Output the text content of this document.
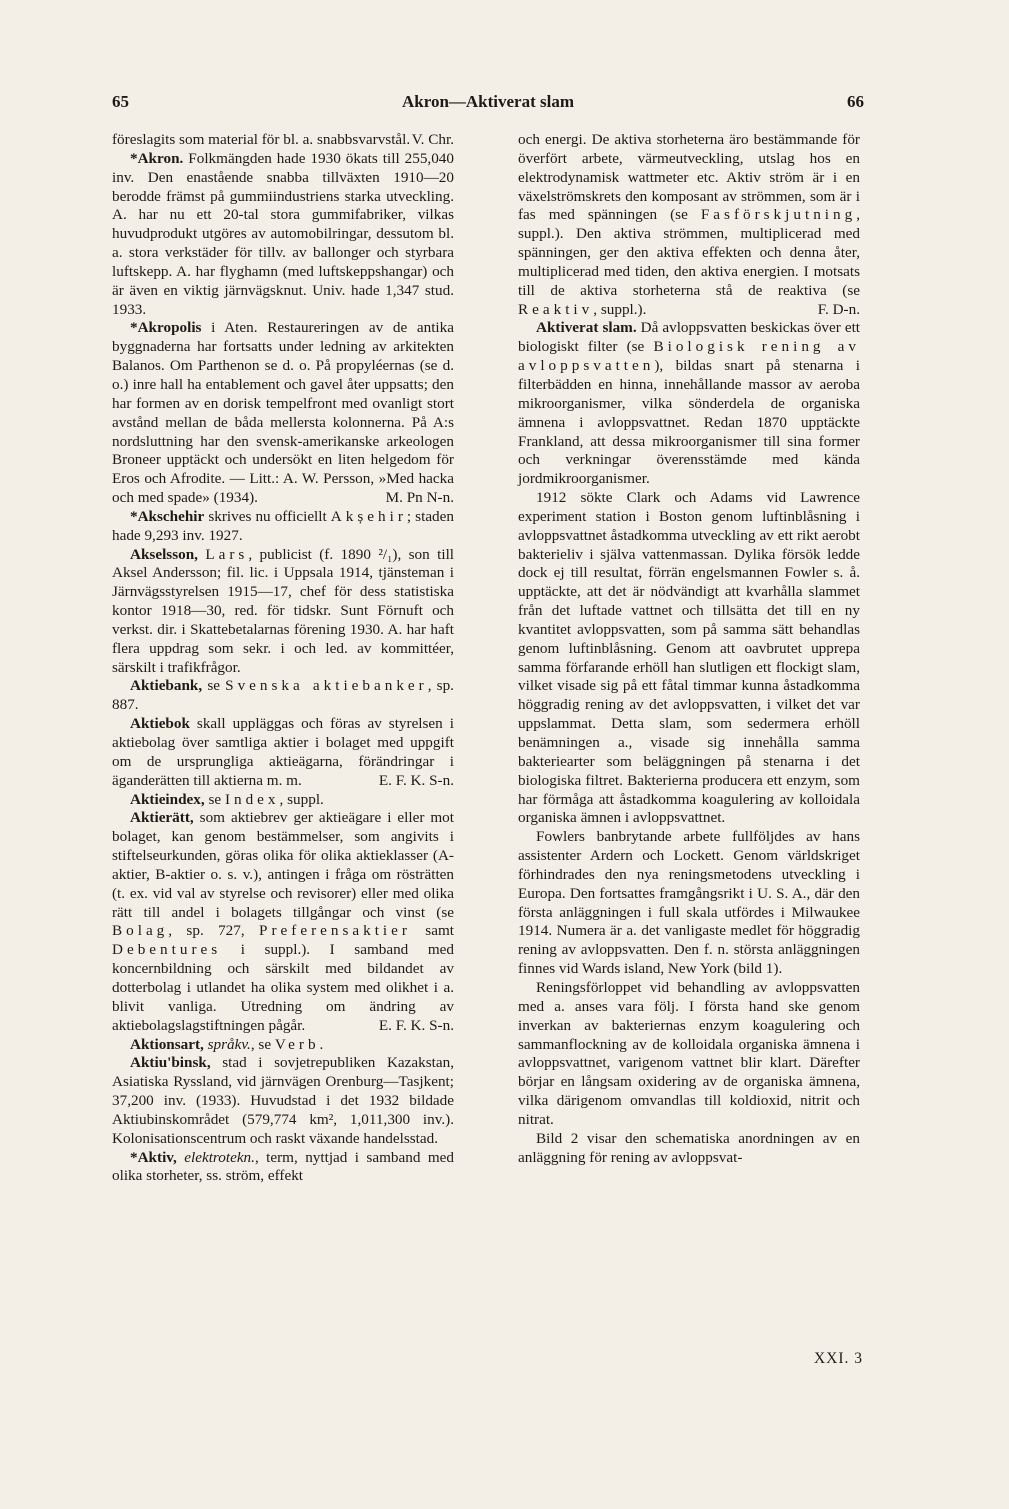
65	Akron—Aktiverat slam	66

föreslagits som material för bl. a. snabbsvarvstål. V. Chr.

*Akron. Folkmängden hade 1930 ökats till 255,040 inv. Den enastående snabba tillväxten 1910—20 berodde främst på gummiindustriens starka utveckling. A. har nu ett 20-tal stora gummifabriker, vilkas huvudprodukt utgöres av automobilringar, dessutom bl. a. stora verkstäder för tillv. av ballonger och styrbara luftskepp. A. har flyghamn (med luftskeppshangar) och är även en viktig järnvägsknut. Univ. hade 1,347 stud. 1933.

*Akropolis i Aten. Restaureringen av de antika byggnaderna har fortsatts under ledning av arkitekten Balanos. Om Parthenon se d. o. På propyléernas (se d. o.) inre hall ha entablement och gavel åter uppsatts; den har formen av en dorisk tempelfront med ovanligt stort avstånd mellan de båda mellersta kolonnerna. På A:s nordsluttning har den svensk-amerikanske arkeologen Broneer upptäckt och undersökt en liten helgedom för Eros och Afrodite. — Litt.: A. W. Persson, »Med hacka och med spade» (1934).	M. Pn N-n.

*Akschehir skrives nu officiellt Akșehir; staden hade 9,293 inv. 1927.

Akselsson, Lars, publicist (f. 1890 ²/₁), son till Aksel Andersson; fil. lic. i Uppsala 1914, tjänsteman i Järnvägsstyrelsen 1915—17, chef för dess statistiska kontor 1918—30, red. för tidskr. Sunt Förnuft och verkst. dir. i Skattebetalarnas förening 1930. A. har haft flera uppdrag som sekr. i och led. av kommittéer, särskilt i trafikfrågor.

Aktiebank, se Svenska aktiebanker, sp. 887.

Aktiebok skall uppläggas och föras av styrelsen i aktiebolag över samtliga aktier i bolaget med uppgift om de ursprungliga aktieägarna, förändringar i äganderätten till aktierna m. m.	E. F. K. S-n.

Aktieindex, se Index, suppl.

Aktierätt, som aktiebrev ger aktieägare i eller mot bolaget, kan genom bestämmelser, som angivits i stiftelseurkunden, göras olika för olika aktieklasser (A-aktier, B-aktier o. s. v.), antingen i fråga om rösträtten (t. ex. vid val av styrelse och revisorer) eller med olika rätt till andel i bolagets tillgångar och vinst (se Bolag, sp. 727, Preferensaktier samt Debentures i suppl.). I samband med koncernbildning och särskilt med bildandet av dotterbolag i utlandet ha olika system med olikhet i a. blivit vanliga. Utredning om ändring av aktiebolagslagstiftningen pågår.	E. F. K. S-n.

Aktionsart, språkv., se Verb.

Aktiu'binsk, stad i sovjetrepubliken Kazakstan, Asiatiska Ryssland, vid järnvägen Orenburg—Tasjkent; 37,200 inv. (1933). Huvudstad i det 1932 bildade Aktiubinskområdet (579,774 km², 1,011,300 inv.). Kolonisationscentrum och raskt växande handelsstad.

*Aktiv, elektrotekn., term, nyttjad i samband med olika storheter, ss. ström, effekt

och energi. De aktiva storheterna äro bestämmande för överfört arbete, värmeutveckling, utslag hos en elektrodynamisk wattmeter etc. Aktiv ström är i en växelströmskrets den komposant av strömmen, som är i fas med spänningen (se Fasförskjutning, suppl.). Den aktiva strömmen, multiplicerad med spänningen, ger den aktiva effekten och denna åter, multiplicerad med tiden, den aktiva energien. I motsats till de aktiva storheterna stå de reaktiva (se Reaktiv, suppl.).	F. D-n.

Aktiverat slam. Då avloppsvatten beskickas över ett biologiskt filter (se Biologisk rening av avloppsvatten), bildas snart på stenarna i filterbädden en hinna, innehållande massor av aeroba mikroorganismer, vilka sönderdela de organiska ämnena i avloppsvattnet. Redan 1870 upptäckte Frankland, att dessa mikroorganismer till sina former och verkningar överensstämde med kända jordmikroorganismer.

1912 sökte Clark och Adams vid Lawrence experiment station i Boston genom luftinblåsning i avloppsvattnet åstadkomma utveckling av ett rikt aerobt bakterieliv i själva vattenmassan. Dylika försök ledde dock ej till resultat, förrän engelsmannen Fowler s. å. upptäckte, att det är nödvändigt att kvarhålla slammet från det luftade vattnet och tillsätta det till en ny kvantitet avloppsvatten, som på samma sätt behandlas genom luftinblåsning. Genom att oavbrutet upprepa samma förfarande erhöll han slutligen ett flockigt slam, vilket visade sig på ett fåtal timmar kunna åstadkomma höggradig rening av det avloppsvatten, i vilket det var uppslammat. Detta slam, som sedermera erhöll benämningen a., visade sig innehålla samma bakteriearter som beläggningen på stenarna i det biologiska filtret. Bakterierna producera ett enzym, som har förmåga att åstadkomma koagulering av kolloidala organiska ämnen i avloppsvattnet.

Fowlers banbrytande arbete fullföljdes av hans assistenter Ardern och Lockett. Genom världskriget förhindrades den nya reningsmetodens utveckling i Europa. Den fortsattes framgångsrikt i U. S. A., där den första anläggningen i full skala utfördes i Milwaukee 1914. Numera är a. det vanligaste medlet för höggradig rening av avloppsvatten. Den f. n. största anläggningen finnes vid Wards island, New York (bild 1).

Reningsförloppet vid behandling av avloppsvatten med a. anses vara följ. I första hand ske genom inverkan av bakteriernas enzym koagulering och sammanflockning av de kolloidala organiska ämnena i avloppsvattnet, varigenom vattnet blir klart. Därefter börjar en långsam oxidering av de organiska ämnena, vilka därigenom omvandlas till koldioxid, nitrit och nitrat.

Bild 2 visar den schematiska anordningen av en anläggning för rening av avloppsvat-

XXI. 3
